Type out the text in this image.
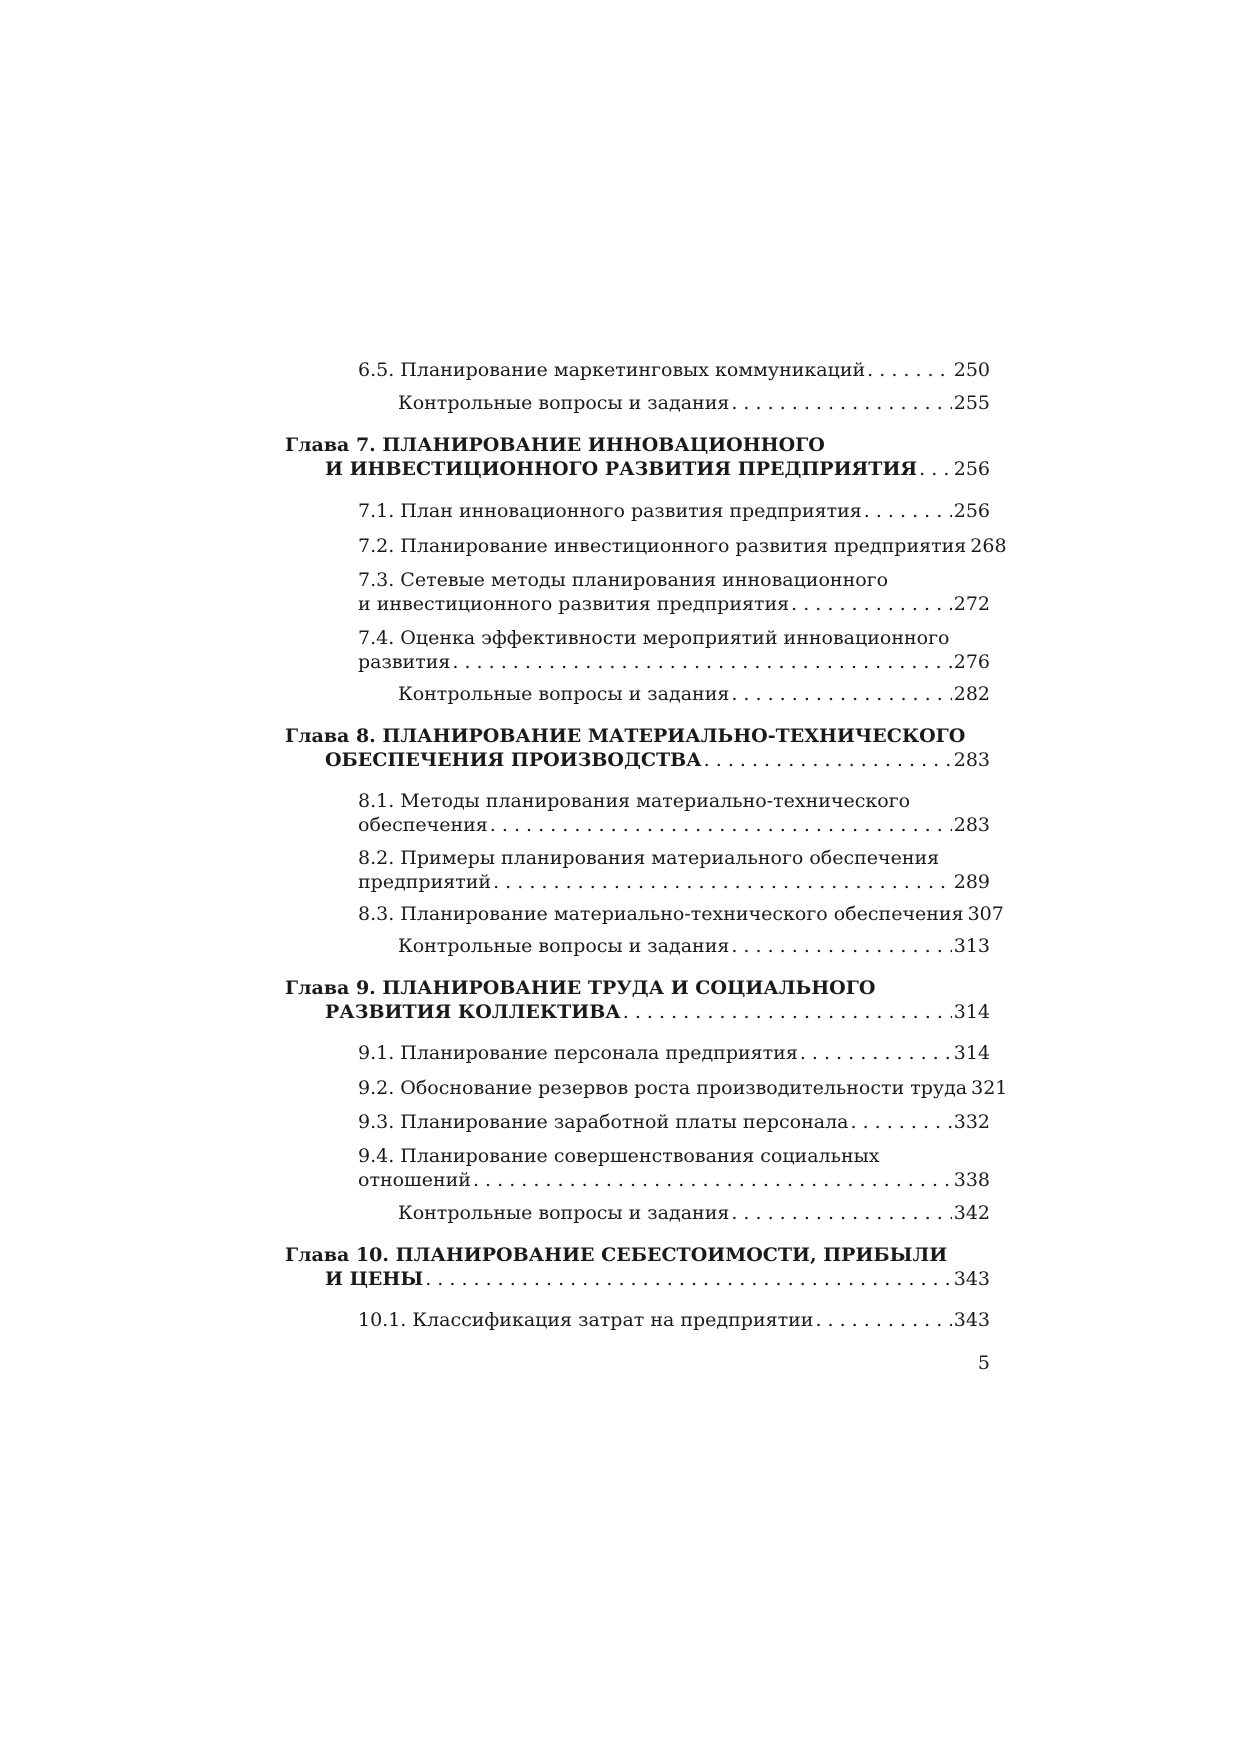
6.5. Планирование маркетинговых коммуникаций . . .	250
Контрольные вопросы и задания . . .	255
Глава 7. ПЛАНИРОВАНИЕ ИННОВАЦИОННОГО
И ИНВЕСТИЦИОННОГО РАЗВИТИЯ ПРЕДПРИЯТИЯ . . . 256
7.1. План инновационного развития предприятия . . .	256
7.2. Планирование инвестиционного развития предприятия 268
7.3. Сетевые методы планирования инновационного
и инвестиционного развития предприятия . . .	272
7.4. Оценка эффективности мероприятий инновационного
развития . . .	276
Контрольные вопросы и задания . . .	282
Глава 8. ПЛАНИРОВАНИЕ МАТЕРИАЛЬНО-ТЕХНИЧЕСКОГО
ОБЕСПЕЧЕНИЯ ПРОИЗВОДСТВА . . .	283
8.1. Методы планирования материально-технического
обеспечения . . .	283
8.2. Примеры планирования материального обеспечения
предприятий . . .	289
8.3. Планирование материально-технического обеспечения 307
Контрольные вопросы и задания . . .	313
Глава 9. ПЛАНИРОВАНИЕ ТРУДА И СОЦИАЛЬНОГО
РАЗВИТИЯ КОЛЛЕКТИВА . . .	314
9.1. Планирование персонала предприятия . . .	314
9.2. Обоснование резервов роста производительности труда 321
9.3. Планирование заработной платы персонала . . .	332
9.4. Планирование совершенствования социальных
отношений . . .	338
Контрольные вопросы и задания . . .	342
Глава 10. ПЛАНИРОВАНИЕ СЕБЕСТОИМОСТИ, ПРИБЫЛИ
И ЦЕНЫ . . .	343
10.1. Классификация затрат на предприятии . . .	343
5
